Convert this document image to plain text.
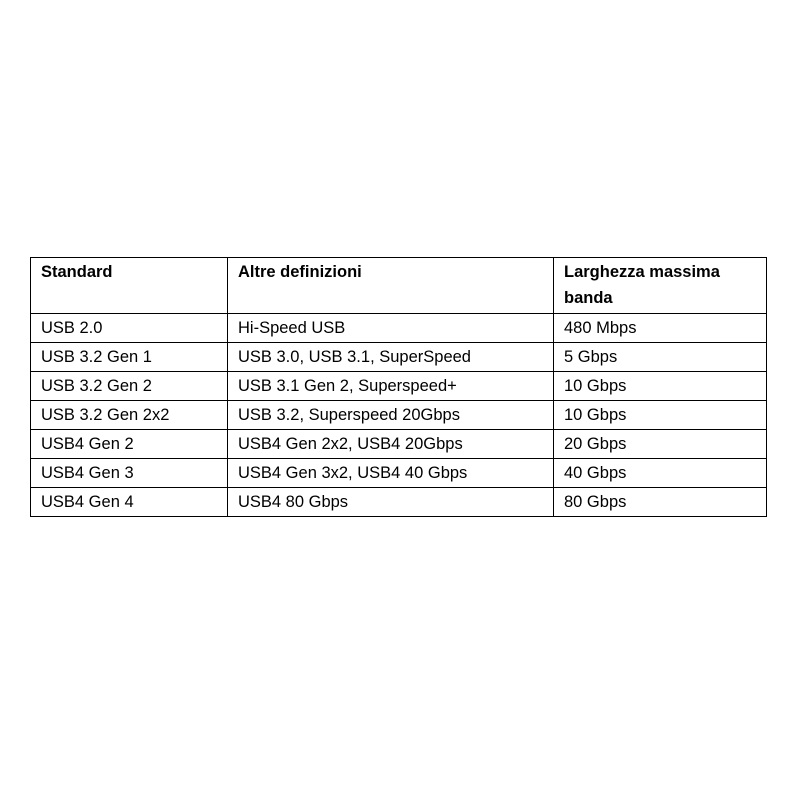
Standard	Altre definizioni	Larghezza massima banda
USB 2.0	Hi-Speed USB	480 Mbps
USB 3.2 Gen 1	USB 3.0, USB 3.1, SuperSpeed	5 Gbps
USB 3.2 Gen 2	USB 3.1 Gen 2, Superspeed+	10 Gbps
USB 3.2 Gen 2x2	USB 3.2, Superspeed 20Gbps	10 Gbps
USB4 Gen 2	USB4 Gen 2x2, USB4 20Gbps	20 Gbps
USB4 Gen 3	USB4 Gen 3x2, USB4 40 Gbps	40 Gbps
USB4 Gen 4	USB4 80 Gbps	80 Gbps
